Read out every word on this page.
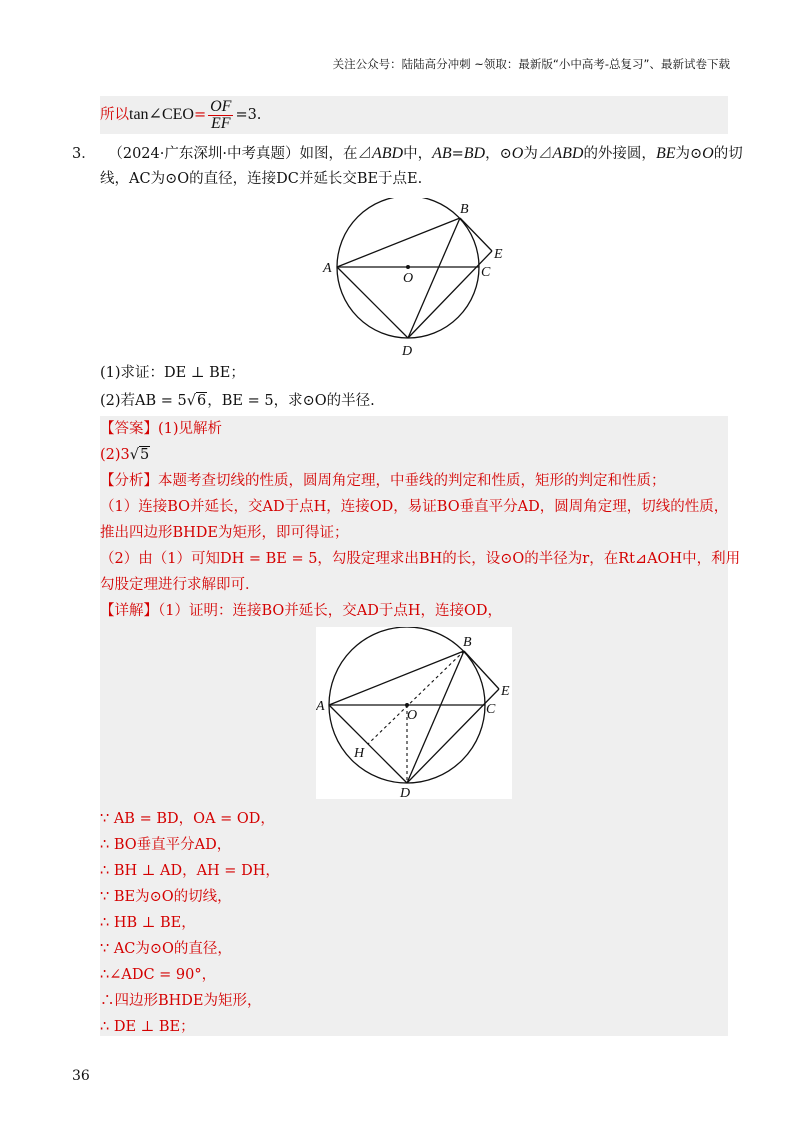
关注公众号：陆陆高分冲刺 ~领取：最新版“小中高考-总复习”、最新试卷下载
所以tan∠CEO= $\frac{OF}{EF} =3$.
3． （2024·广东深圳·中考真题）如图，在⊿ABD中，AB=BD，⊙O为⊿ABD的外接圆，BE为⊙O的切
线，AC为⊙O的直径，连接DC并延长交BE于点E.
A
B
C
D
E
O
(1)求证：DE ⊥ BE；
(2)若AB = 5√6，BE = 5，求⊙O的半径.
【答案】(1)见解析
(2)3√5
【分析】本题考查切线的性质，圆周角定理，中垂线的判定和性质，矩形的判定和性质；
（1）连接BO并延长，交AD于点H，连接OD，易证BO垂直平分AD，圆周角定理，切线的性质，
推出四边形BHDE为矩形，即可得证；
（2）由（1）可知DH = BE = 5，勾股定理求出BH的长，设⊙O的半径为r，在Rt⊿AOH中，利用
勾股定理进行求解即可．
【详解】（1）证明：连接BO并延长，交AD于点H，连接OD，
A
B
C
D
E
O
H
∵ AB = BD，OA = OD，
∴ BO垂直平分AD，
∴ BH ⊥ AD，AH = DH，
∵ BE为⊙O的切线，
∴ HB ⊥ BE，
∵ AC为⊙O的直径，
∴∠ADC = 90°，
∴四边形BHDE为矩形，
∴ DE ⊥ BE；
36
